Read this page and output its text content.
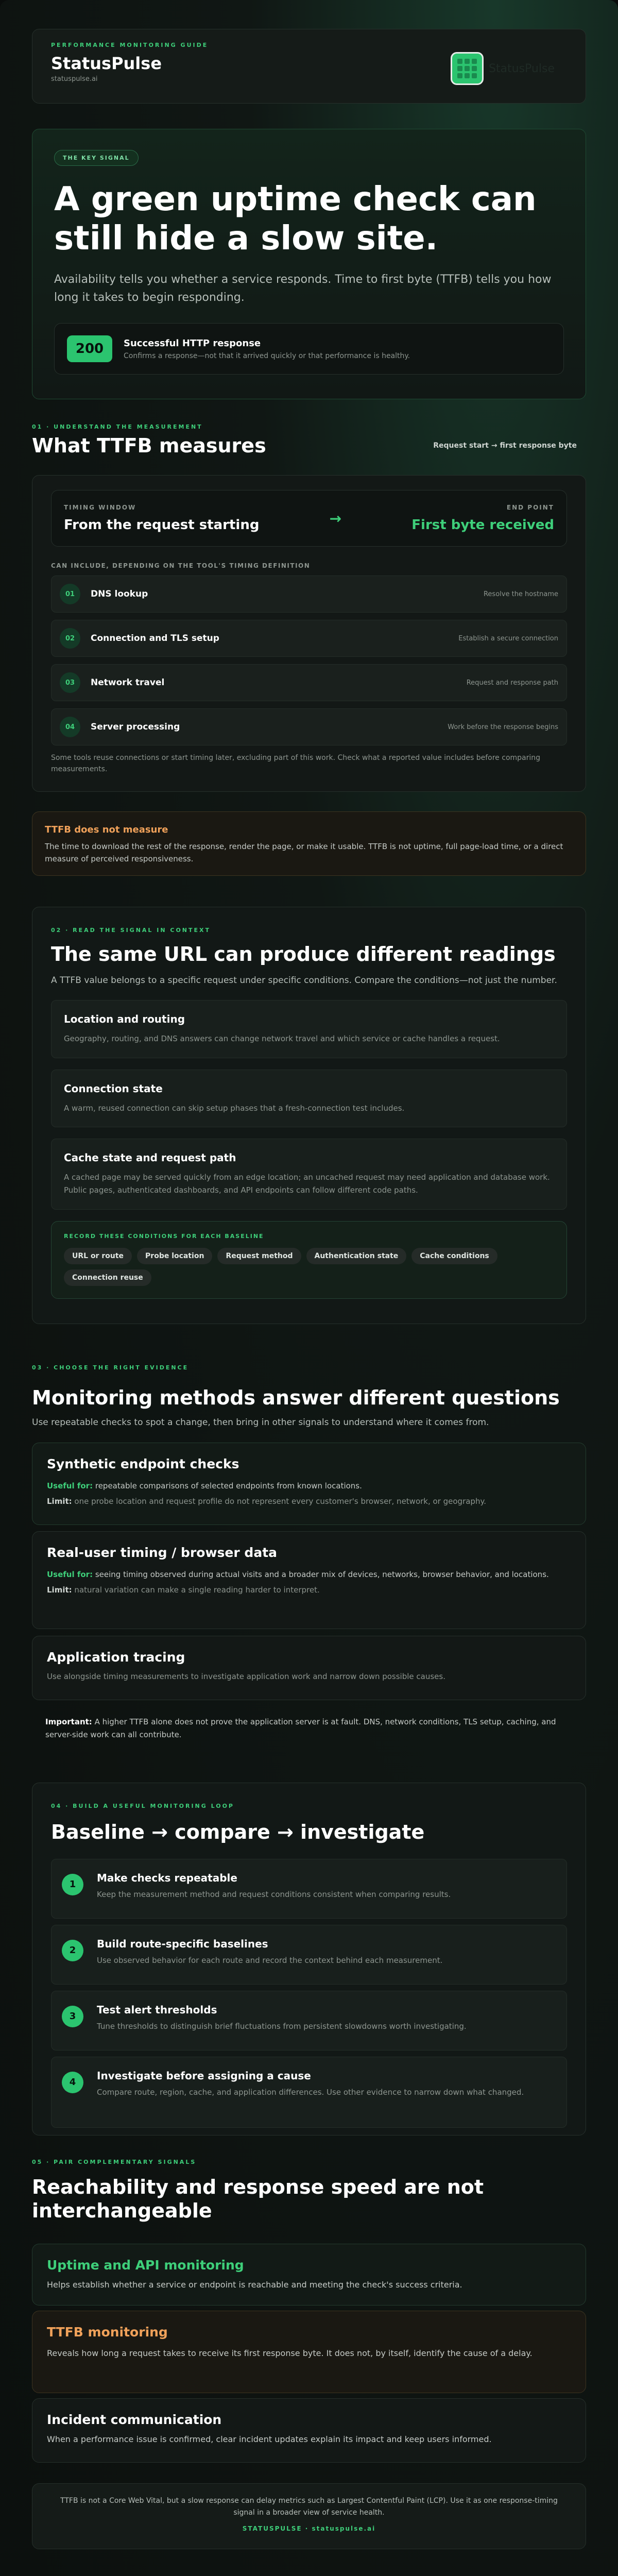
PERFORMANCE MONITORING GUIDE
StatusPulse
statuspulse.ai
StatusPulse
THE KEY SIGNAL
A green uptime check can still hide a slow site.
Availability tells you whether a service responds. Time to first byte (TTFB) tells you how long it takes to begin responding.
200	Successful HTTP response
Confirms a response—not that it arrived quickly or that performance is healthy.
01 · UNDERSTAND THE MEASUREMENT
What TTFB measures	Request start → first response byte
TIMING WINDOW
From the request starting	→
END POINT
First byte received
CAN INCLUDE, DEPENDING ON THE TOOL'S TIMING DEFINITION
01	DNS lookup	Resolve the hostname
02	Connection and TLS setup	Establish a secure connection
03	Network travel	Request and response path
04	Server processing	Work before the response begins
Some tools reuse connections or start timing later, excluding part of this work. Check what a reported value includes before comparing measurements.
TTFB does not measure
The time to download the rest of the response, render the page, or make it usable. TTFB is not uptime, full page-load time, or a direct measure of perceived responsiveness.
02 · READ THE SIGNAL IN CONTEXT
The same URL can produce different readings
A TTFB value belongs to a specific request under specific conditions. Compare the conditions—not just the number.
Location and routing
Geography, routing, and DNS answers can change network travel and which service or cache handles a request.
Connection state
A warm, reused connection can skip setup phases that a fresh-connection test includes.
Cache state and request path
A cached page may be served quickly from an edge location; an uncached request may need application and database work. Public pages, authenticated dashboards, and API endpoints can follow different code paths.
RECORD THESE CONDITIONS FOR EACH BASELINE
URL or route	Probe location	Request method	Authentication state	Cache conditionsConnection reuse
03 · CHOOSE THE RIGHT EVIDENCE
Monitoring methods answer different questions
Use repeatable checks to spot a change, then bring in other signals to understand where it comes from.
Synthetic endpoint checks
Useful for: repeatable comparisons of selected endpoints from known locations.
Limit: one probe location and request profile do not represent every customer's browser, network, or geography.
Real-user timing / browser data
Useful for: seeing timing observed during actual visits and a broader mix of devices, networks, browser behavior, and locations.
Limit: natural variation can make a single reading harder to interpret.
Application tracing
Use alongside timing measurements to investigate application work and narrow down possible causes.
Important: A higher TTFB alone does not prove the application server is at fault. DNS, network conditions, TLS setup, caching, and server-side work can all contribute.
04 · BUILD A USEFUL MONITORING LOOP
Baseline → compare → investigate
1
Make checks repeatable
Keep the measurement method and request conditions consistent when comparing results.
2
Build route-specific baselines
Use observed behavior for each route and record the context behind each measurement.
3
Test alert thresholds
Tune thresholds to distinguish brief fluctuations from persistent slowdowns worth investigating.
4
Investigate before assigning a cause
Compare route, region, cache, and application differences. Use other evidence to narrow down what changed.
05 · PAIR COMPLEMENTARY SIGNALS
Reachability and response speed are not interchangeable
Uptime and API monitoring
Helps establish whether a service or endpoint is reachable and meeting the check's success criteria.
TTFB monitoring
Reveals how long a request takes to receive its first response byte. It does not, by itself, identify the cause of a delay.
Incident communication
When a performance issue is confirmed, clear incident updates explain its impact and keep users informed.
TTFB is not a Core Web Vital, but a slow response can delay metrics such as Largest Contentful Paint (LCP). Use it as one response-timing signal in a broader view of service health.
STATUSPULSE · statuspulse.ai
